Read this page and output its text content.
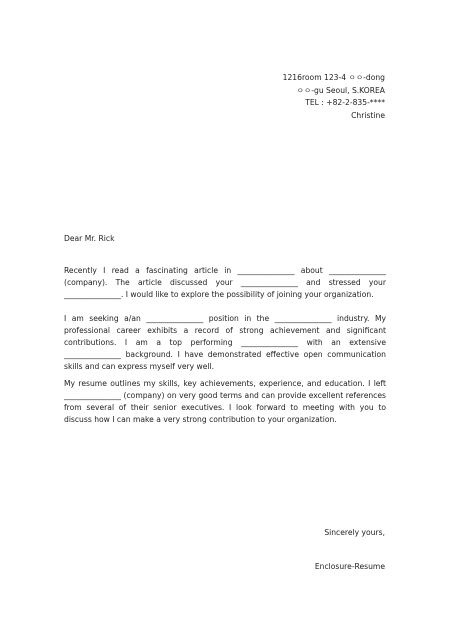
1216room 123-4 ㅇㅇ-dong
ㅇㅇ-gu Seoul, S.KOREA
TEL : +82-2-835-****
Christine
Dear Mr. Rick

Recently I read a fascinating article in _______________ about _______________ (company). The article discussed your _______________ and stressed your _______________. I would like to explore the possibility of joining your organization.

I am seeking a/an _______________ position in the _______________ industry. My professional career exhibits a record of strong achievement and significant contributions. I am a top performing _______________ with an extensive _______________ background. I have demonstrated effective open communication skills and can express myself very well.

My resume outlines my skills, key achievements, experience, and education. I left _______________ (company) on very good terms and can provide excellent references from several of their senior executives. I look forward to meeting with you to discuss how I can make a very strong contribution to your organization.

Sincerely yours,
Enclosure-Resume
